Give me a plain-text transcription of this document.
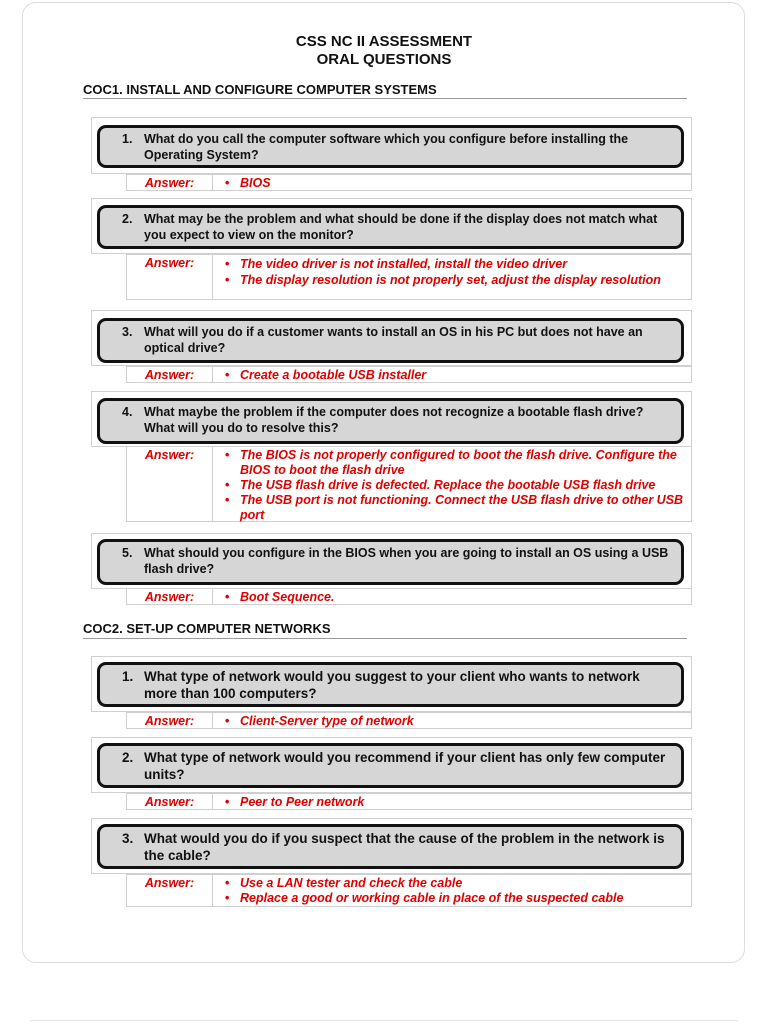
CSS NC II ASSESSMENT
ORAL QUESTIONS
COC1. INSTALL AND CONFIGURE COMPUTER SYSTEMS
1. What do you call the computer software which you configure before installing the Operating System?
Answer:	• BIOS
2. What may be the problem and what should be done if the display does not match what you expect to view on the monitor?
Answer:	• The video driver is not installed, install the video driver
• The display resolution is not properly set, adjust the display resolution
3. What will you do if a customer wants to install an OS in his PC but does not have an optical drive?
Answer:	• Create a bootable USB installer
4. What maybe the problem if the computer does not recognize a bootable flash drive? What will you do to resolve this?
Answer:	• The BIOS is not properly configured to boot the flash drive. Configure the BIOS to boot the flash drive
• The USB flash drive is defected. Replace the bootable USB flash drive
• The USB port is not functioning. Connect the USB flash drive to other USB port
5. What should you configure in the BIOS when you are going to install an OS using a USB flash drive?
Answer:	• Boot Sequence.
COC2. SET-UP COMPUTER NETWORKS
1. What type of network would you suggest to your client who wants to network more than 100 computers?
Answer:	• Client-Server type of network
2. What type of network would you recommend if your client has only few computer units?
Answer:	• Peer to Peer network
3. What would you do if you suspect that the cause of the problem in the network is the cable?
Answer:	• Use a LAN tester and check the cable
• Replace a good or working cable in place of the suspected cable
